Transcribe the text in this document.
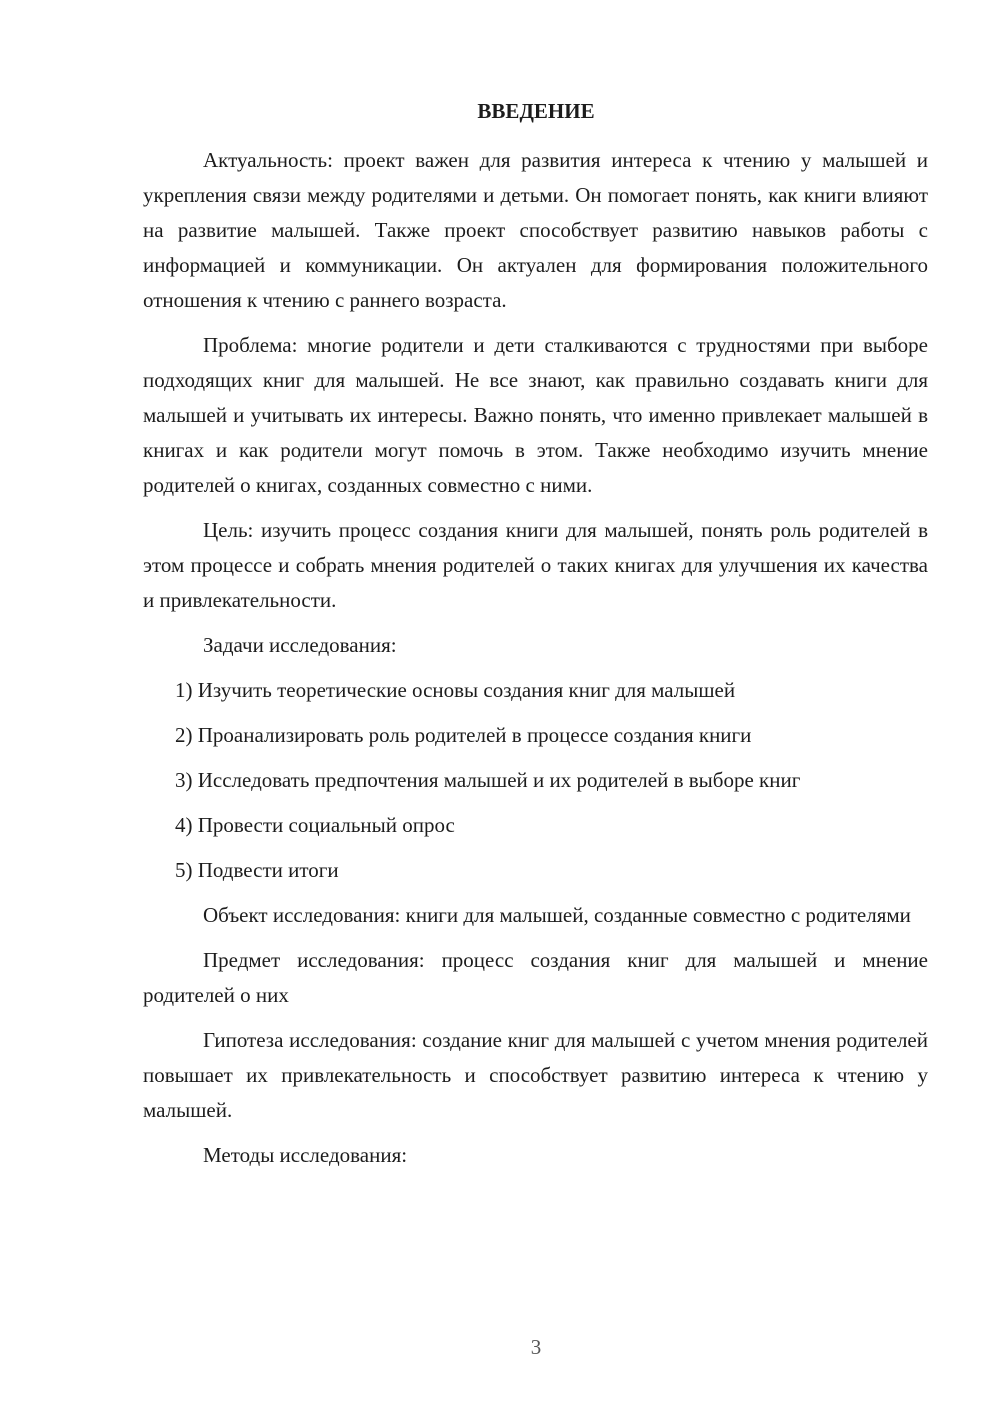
ВВЕДЕНИЕ

Актуальность: проект важен для развития интереса к чтению у малышей и укрепления связи между родителями и детьми. Он помогает понять, как книги влияют на развитие малышей. Также проект способствует развитию навыков работы с информацией и коммуникации. Он актуален для формирования положительного отношения к чтению с раннего возраста.

Проблема: многие родители и дети сталкиваются с трудностями при выборе подходящих книг для малышей. Не все знают, как правильно создавать книги для малышей и учитывать их интересы. Важно понять, что именно привлекает малышей в книгах и как родители могут помочь в этом. Также необходимо изучить мнение родителей о книгах, созданных совместно с ними.

Цель: изучить процесс создания книги для малышей, понять роль родителей в этом процессе и собрать мнения родителей о таких книгах для улучшения их качества и привлекательности.

Задачи исследования:

1) Изучить теоретические основы создания книг для малышей
2) Проанализировать роль родителей в процессе создания книги
3) Исследовать предпочтения малышей и их родителей в выборе книг
4) Провести социальный опрос
5) Подвести итоги

Объект исследования: книги для малышей, созданные совместно с родителями

Предмет исследования: процесс создания книг для малышей и мнение родителей о них

Гипотеза исследования: создание книг для малышей с учетом мнения родителей повышает их привлекательность и способствует развитию интереса к чтению у малышей.

Методы исследования:

3
